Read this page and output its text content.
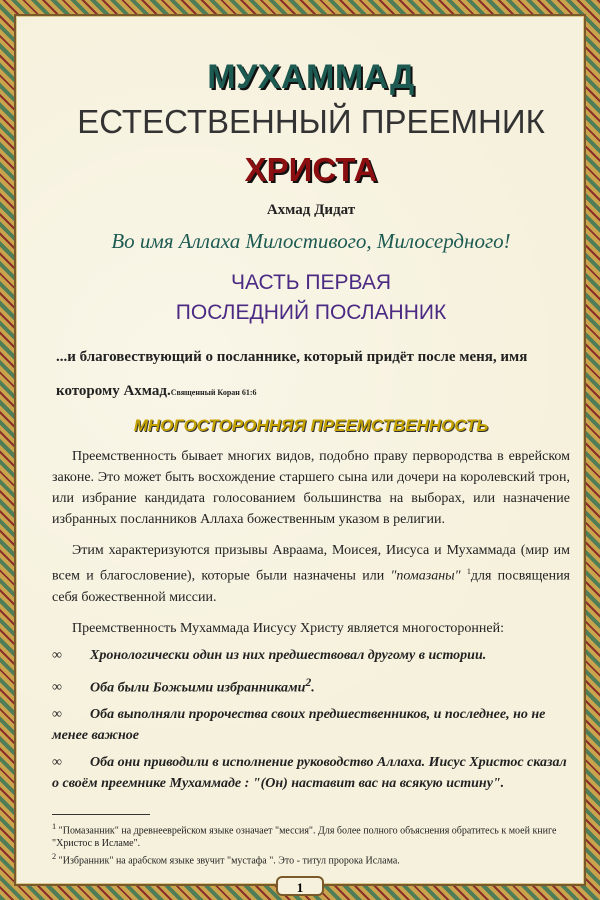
МУХАММАД
ЕСТЕСТВЕННЫЙ ПРЕЕМНИК
ХРИСТА
Ахмад Дидат
Во имя Аллаха Милостивого, Милосердного!
ЧАСТЬ ПЕРВАЯ
ПОСЛЕДНИЙ ПОСЛАННИК
...и благовествующий о посланнике, который придёт после меня, имя
которому Ахмад.Священный Коран 61:6
МНОГОСТОРОННЯЯ ПРЕЕМСТВЕННОСТЬ
Преемственность бывает многих видов, подобно праву первородства в еврейском законе. Это может быть восхождение старшего сына или дочери на королевский трон, или избрание кандидата голосованием большинства на выборах, или назначение избранных посланников Аллаха божественным указом в религии.
Этим характеризуются призывы Авраама, Моисея, Иисуса и Мухаммада (мир им всем и благословение), которые были назначены или "помазаны" $^1$для посвящения себя божественной миссии.
Преемственность Мухаммада Иисусу Христу является многосторонней:
∞ Хронологически один из них предшествовал другому в истории.
∞ Оба были Божьими избранниками$^2$.
∞ Оба выполняли пророчества своих предшественников, и последнее, но не менее важное
∞ Оба они приводили в исполнение руководство Аллаха. Иисус Христос сказал о своём преемнике Мухаммаде : "(Он) наставит вас на всякую истину".
$^1$ "Помазанник" на древнееврейском языке означает "мессия". Для более полного объяснения обратитесь к моей книге "Христос в Исламе".
$^2$ "Избранник" на арабском языке звучит "мустафа ". Это - титул пророка Ислама.
1
